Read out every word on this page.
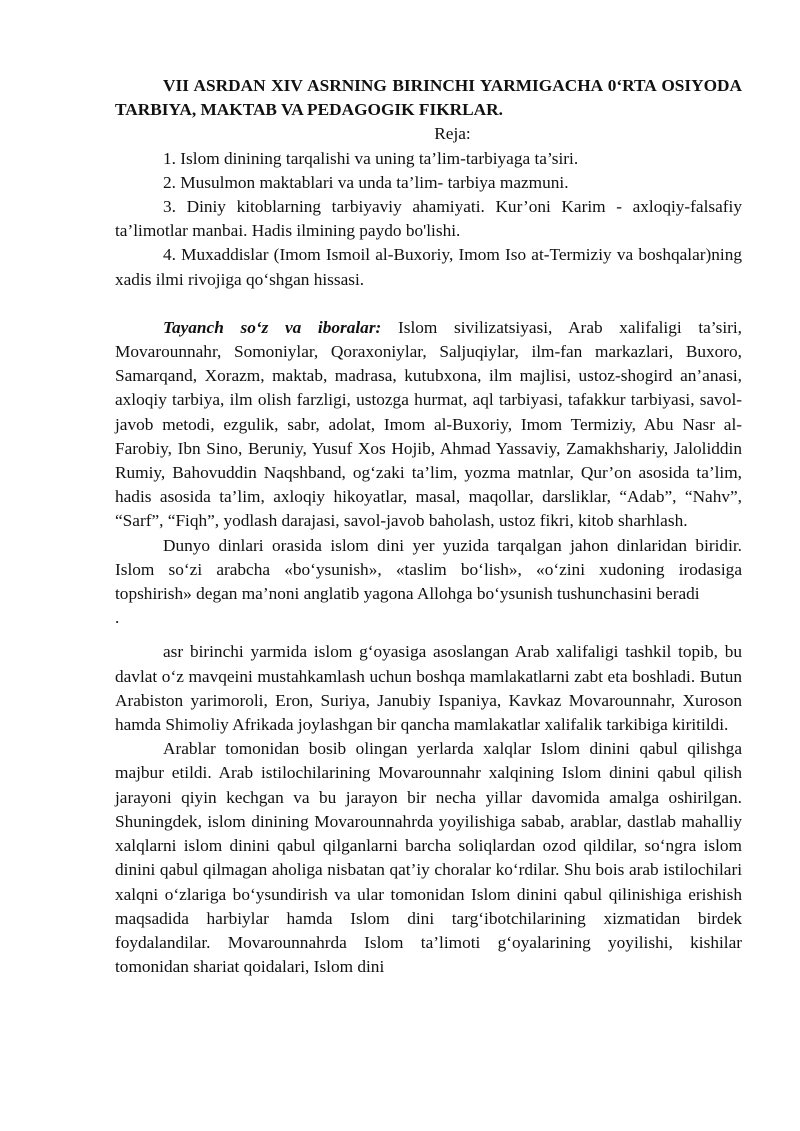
VII ASRDAN XIV ASRNING BIRINCHI YARMIGACHA 0‘RTA OSIYODA TARBIYA, MAKTAB VA PEDAGOGIK FIKRLAR.

Reja:

1. Islom dinining tarqalishi va uning ta’lim-tarbiyaga ta’siri.

2. Musulmon maktablari va unda ta’lim- tarbiya mazmuni.

3. Diniy kitoblarning tarbiyaviy ahamiyati. Kur’oni Karim - axloqiy-falsafiy ta’limotlar manbai. Hadis ilmining paydo bo'lishi.

4. Muxaddislar (Imom Ismoil al-Buxoriy, Imom Iso at-Termiziy va boshqalar)ning xadis ilmi rivojiga qo‘shgan hissasi.

Tayanch so‘z va iboralar: Islom sivilizatsiyasi, Arab xalifaligi ta’siri, Movarounnahr, Somoniylar, Qoraxoniylar, Saljuqiylar, ilm-fan markazlari, Buxoro, Samarqand, Xorazm, maktab, madrasa, kutubxona, ilm majlisi, ustoz-shogird an’anasi, axloqiy tarbiya, ilm olish farzligi, ustozga hurmat, aql tarbiyasi, tafakkur tarbiyasi, savol-javob metodi, ezgulik, sabr, adolat, Imom al-Buxoriy, Imom Termiziy, Abu Nasr al-Farobiy, Ibn Sino, Beruniy, Yusuf Xos Hojib, Ahmad Yassaviy, Zamakhshariy, Jaloliddin Rumiy, Bahovuddin Naqshband, og‘zaki ta’lim, yozma matnlar, Qur’on asosida ta’lim, hadis asosida ta’lim, axloqiy hikoyatlar, masal, maqollar, darsliklar, “Adab”, “Nahv”, “Sarf”, “Fiqh”, yodlash darajasi, savol-javob baholash, ustoz fikri, kitob sharhlash.

Dunyo dinlari orasida islom dini yer yuzida tarqalgan jahon dinlaridan biridir. Islom so‘zi arabcha «bo‘ysunish», «taslim bo‘lish», «o‘zini xudoning irodasiga topshirish» degan ma’noni anglatib yagona Allohga bo‘ysunish tushunchasini beradi

.

asr birinchi yarmida islom g‘oyasiga asoslangan Arab xalifaligi tashkil topib, bu davlat o‘z mavqeini mustahkamlash uchun boshqa mamlakatlarni zabt eta boshladi. Butun Arabiston yarimoroli, Eron, Suriya, Janubiy Ispaniya, Kavkaz Movarounnahr, Xuroson hamda Shimoliy Afrikada joylashgan bir qancha mamlakatlar xalifalik tarkibiga kiritildi.

Arablar tomonidan bosib olingan yerlarda xalqlar Islom dinini qabul qilishga majbur etildi. Arab istilochilarining Movarounnahr xalqining Islom dinini qabul qilish jarayoni qiyin kechgan va bu jarayon bir necha yillar davomida amalga oshirilgan. Shuningdek, islom dinining Movarounnahrda yoyilishiga sabab, arablar, dastlab mahalliy xalqlarni islom dinini qabul qilganlarni barcha soliqlardan ozod qildilar, so‘ngra islom dinini qabul qilmagan aholiga nisbatan qat’iy choralar ko‘rdilar. Shu bois arab istilochilari xalqni o‘zlariga bo‘ysundirish va ular tomonidan Islom dinini qabul qilinishiga erishish maqsadida harbiylar hamda Islom dini targ‘ibotchilarining xizmatidan birdek foydalandilar. Movarounnahrda Islom ta’limoti g‘oyalarining yoyilishi, kishilar tomonidan shariat qoidalari, Islom dini
